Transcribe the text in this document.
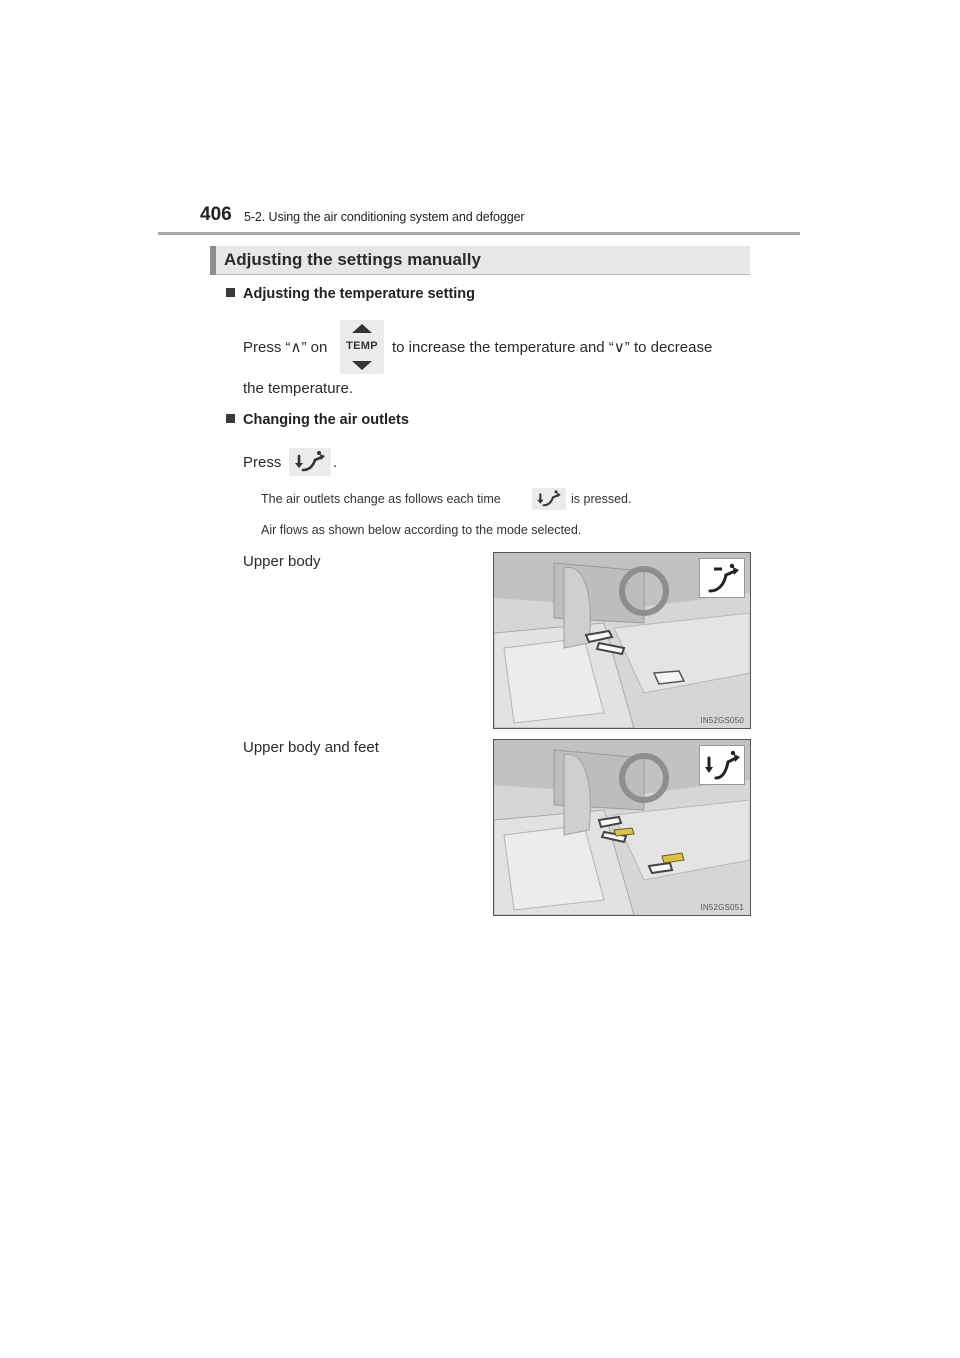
406 5-2. Using the air conditioning system and defogger
Adjusting the settings manually
Adjusting the temperature setting
Press “∧” on	TEMP to increase the temperature and “∨” to decrease
the temperature.
Changing the air outlets
Press	.
The air outlets change as follows each time	is pressed.
Air flows as shown below according to the mode selected.
Upper body
IN52GS050
Upper body and feet
IN52GS051
